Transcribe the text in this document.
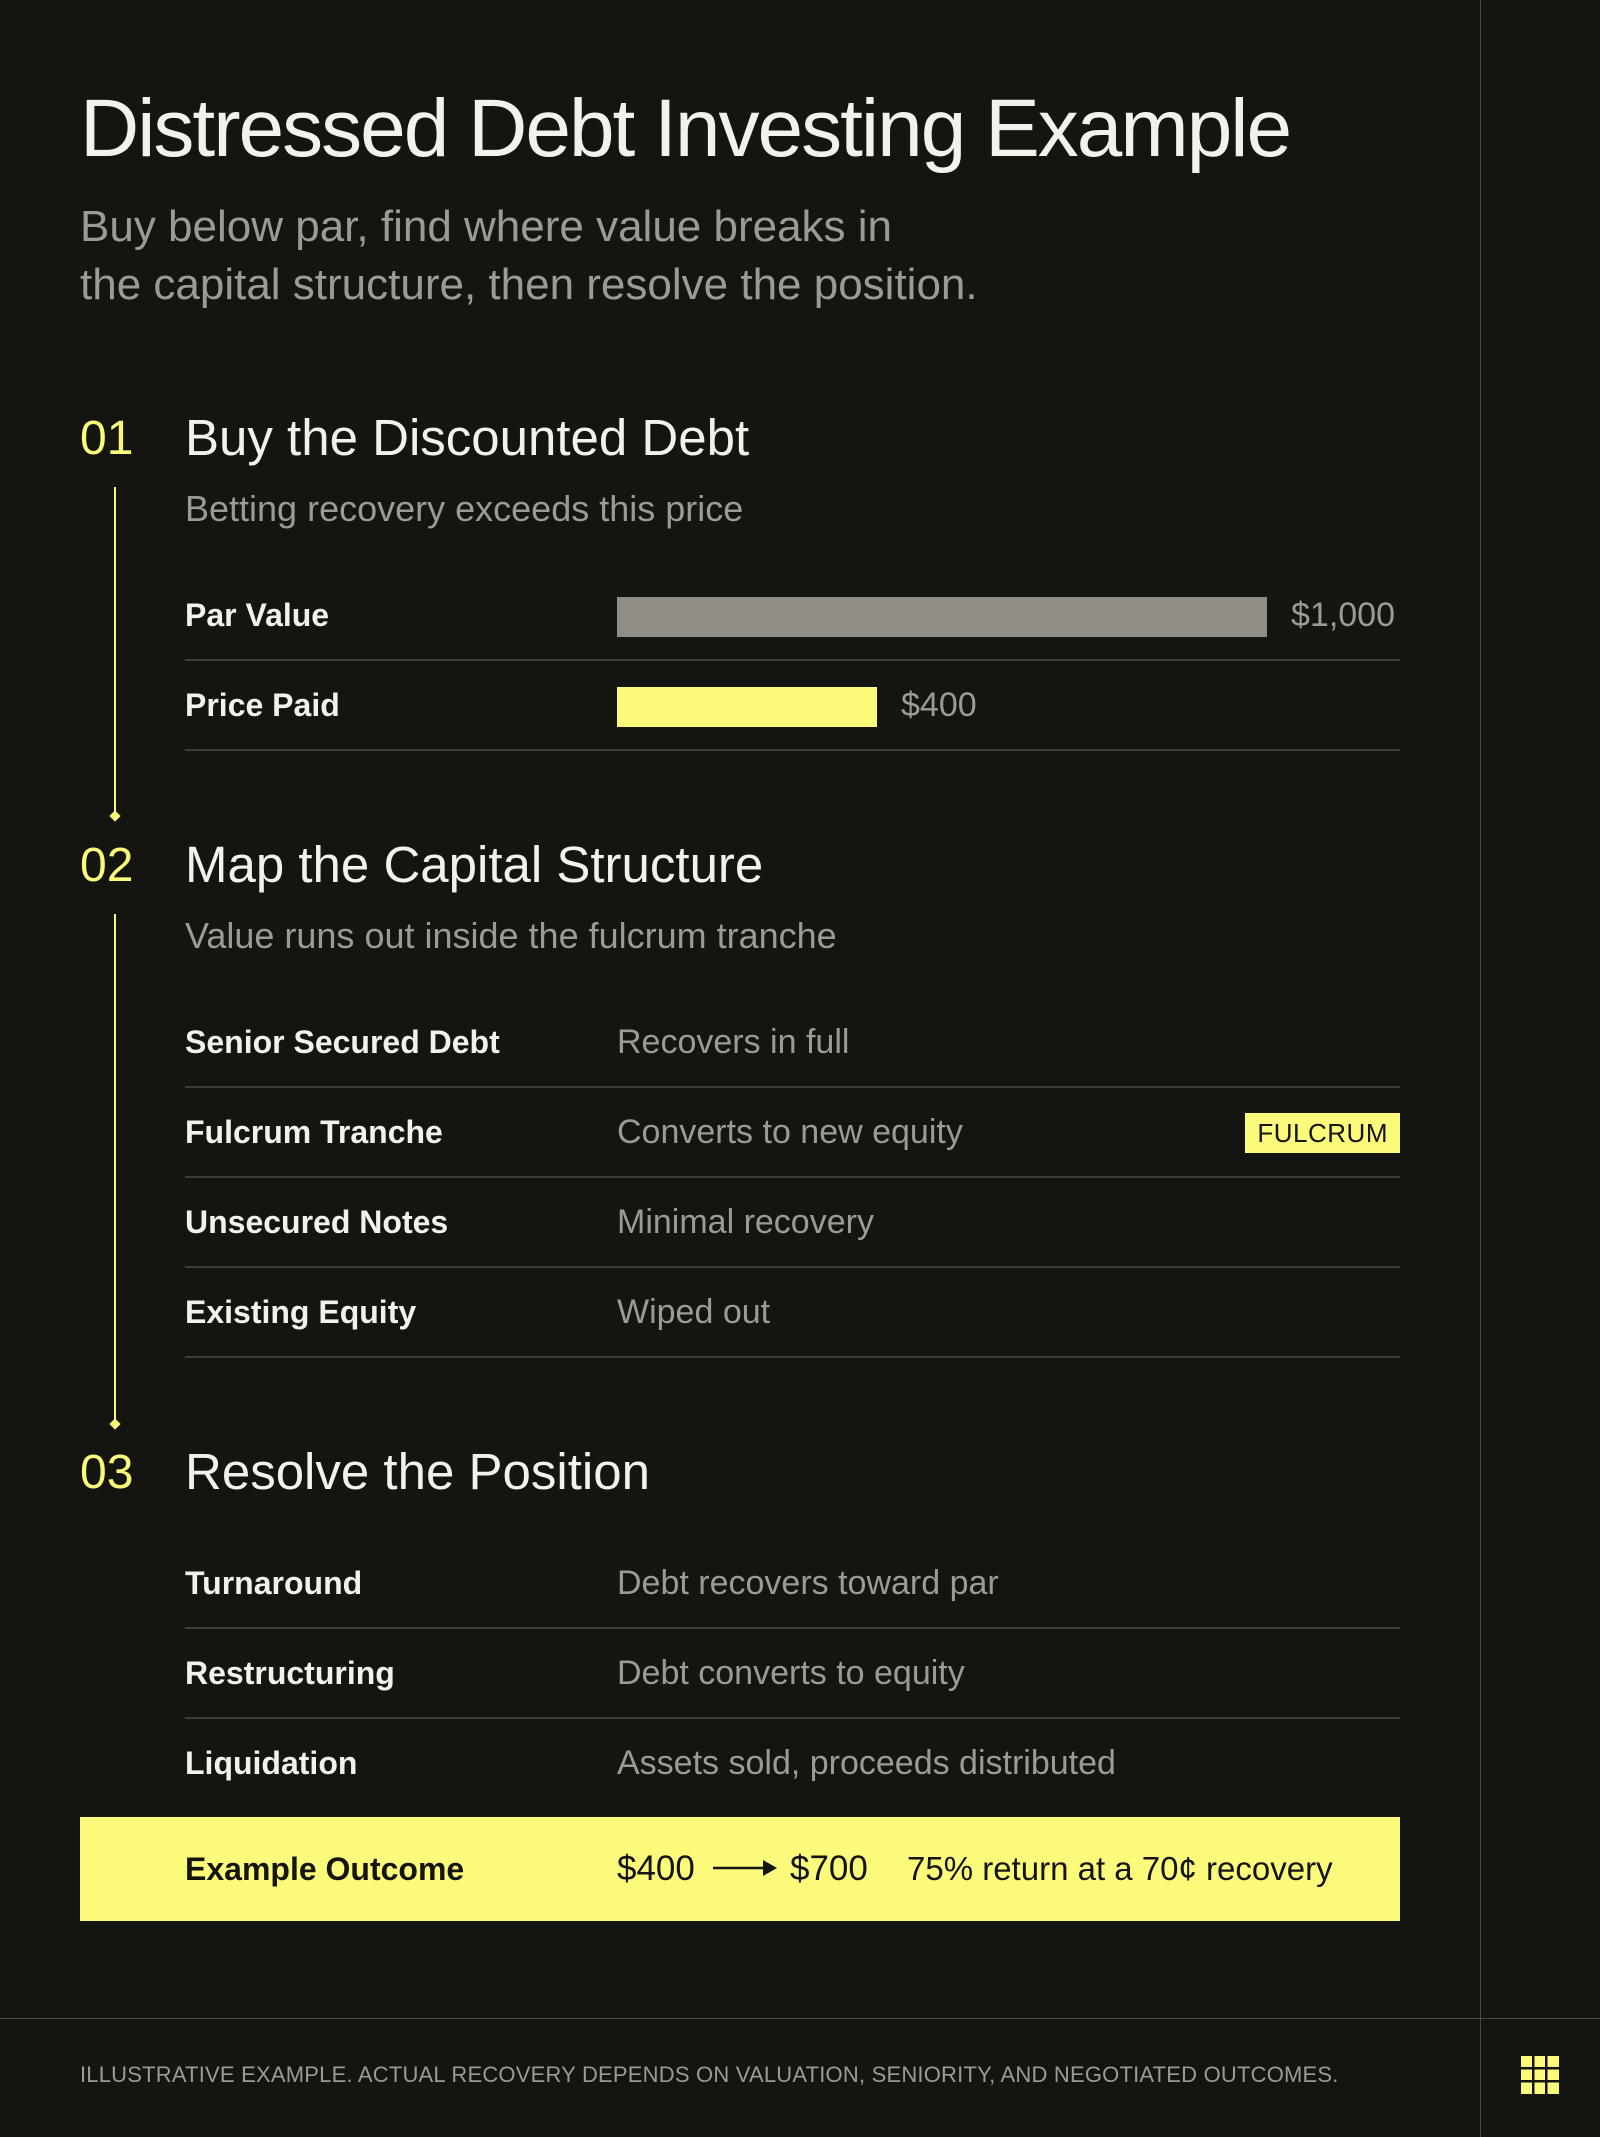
Distressed Debt Investing Example

Buy below par, find where value breaks in
the capital structure, then resolve the position.

01 Buy the Discounted Debt
Betting recovery exceeds this price
Par Value	$1,000
Price Paid	$400
02 Map the Capital Structure
Value runs out inside the fulcrum tranche
Senior Secured Debt	Recovers in full
Fulcrum Tranche	Converts to new equity	FULCRUM
Unsecured Notes	Minimal recovery
Existing Equity	Wiped out
03 Resolve the Position
Turnaround	Debt recovers toward par
Restructuring	Debt converts to equity
Liquidation	Assets sold, proceeds distributed
Example Outcome	$400	$700 75% return at a 70¢ recovery
ILLUSTRATIVE EXAMPLE. ACTUAL RECOVERY DEPENDS ON VALUATION, SENIORITY, AND NEGOTIATED OUTCOMES.
